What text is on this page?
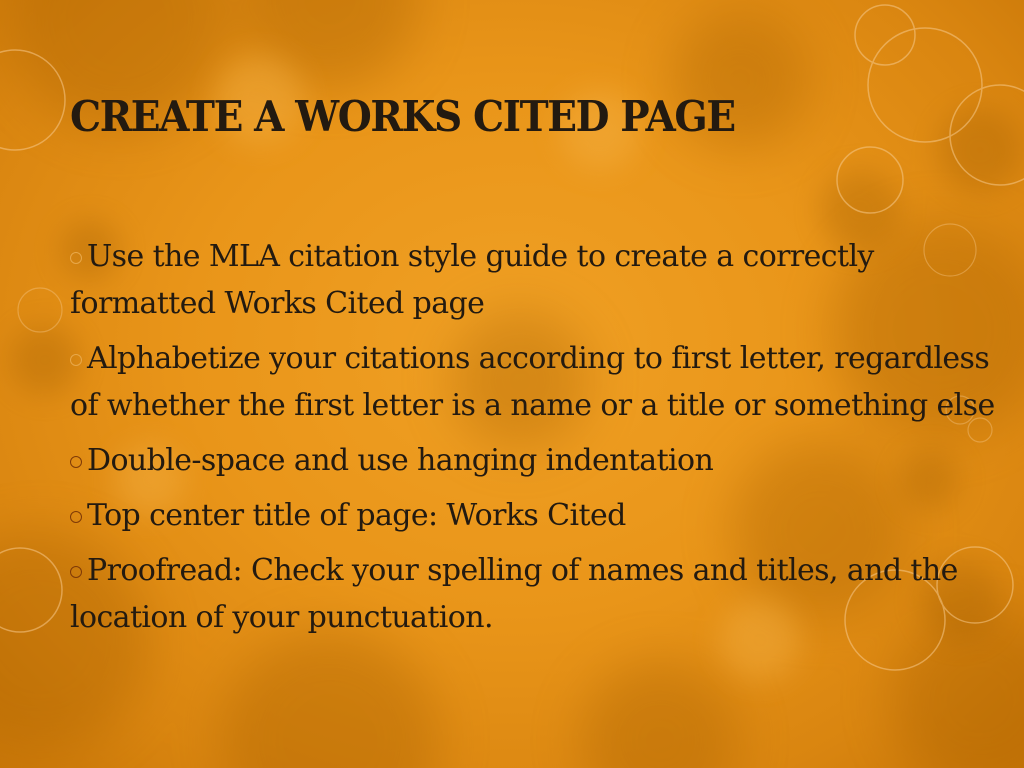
CREATE A WORKS CITED PAGE
Use the MLA citation style guide to create a correctly formatted Works Cited page
Alphabetize your citations according to first letter, regardless of whether the first letter is a name or a title or something else
Double-space and use hanging indentation
Top center title of page: Works Cited
Proofread: Check your spelling of names and titles, and the location of your punctuation.
